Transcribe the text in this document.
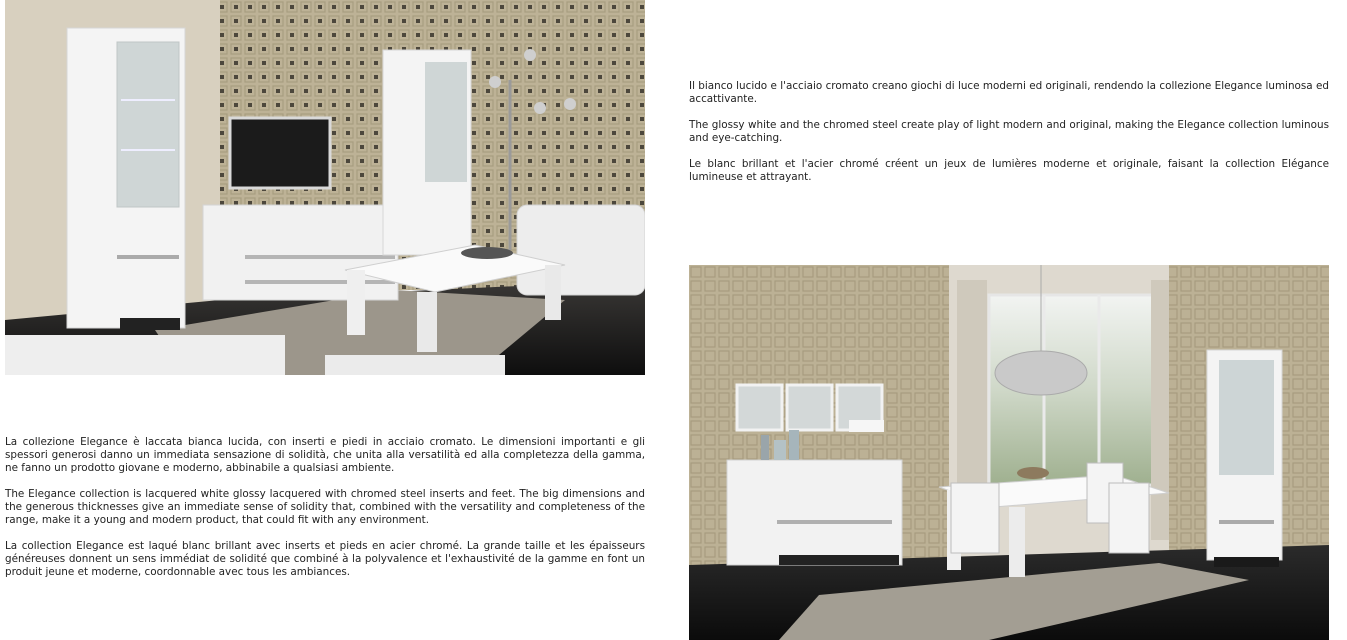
Il bianco lucido e l'acciaio cromato creano giochi di luce moderni ed originali, rendendo la collezione Elegance luminosa ed accattivante.

The glossy white and the chromed steel create play of light modern and original, making the Elegance collection luminous and eye-catching.

Le blanc brillant et l'acier chromé créent un jeux de lumières moderne et originale, faisant la collection Elégance lumineuse et attrayant.

La collezione Elegance è laccata bianca lucida, con inserti e piedi in acciaio cromato. Le dimensioni importanti e gli spessori generosi danno un immediata sensazione di solidità, che unita alla versatilità ed alla completezza della gamma, ne fanno un prodotto giovane e moderno, abbinabile a qualsiasi ambiente.

The Elegance collection is lacquered white glossy lacquered with chromed steel inserts and feet. The big dimensions and the generous thicknesses give an immediate sense of solidity that, combined with the versatility and completeness of the range, make it a young and modern product, that could fit with any environment.

La collection Elegance est laqué blanc brillant avec inserts et pieds en acier chromé. La grande taille et les épaisseurs généreuses donnent un sens immédiat de solidité que combiné à la polyvalence et l'exhaustivité de la gamme en font un produit jeune et moderne, coordonnable avec tous les ambiances.
